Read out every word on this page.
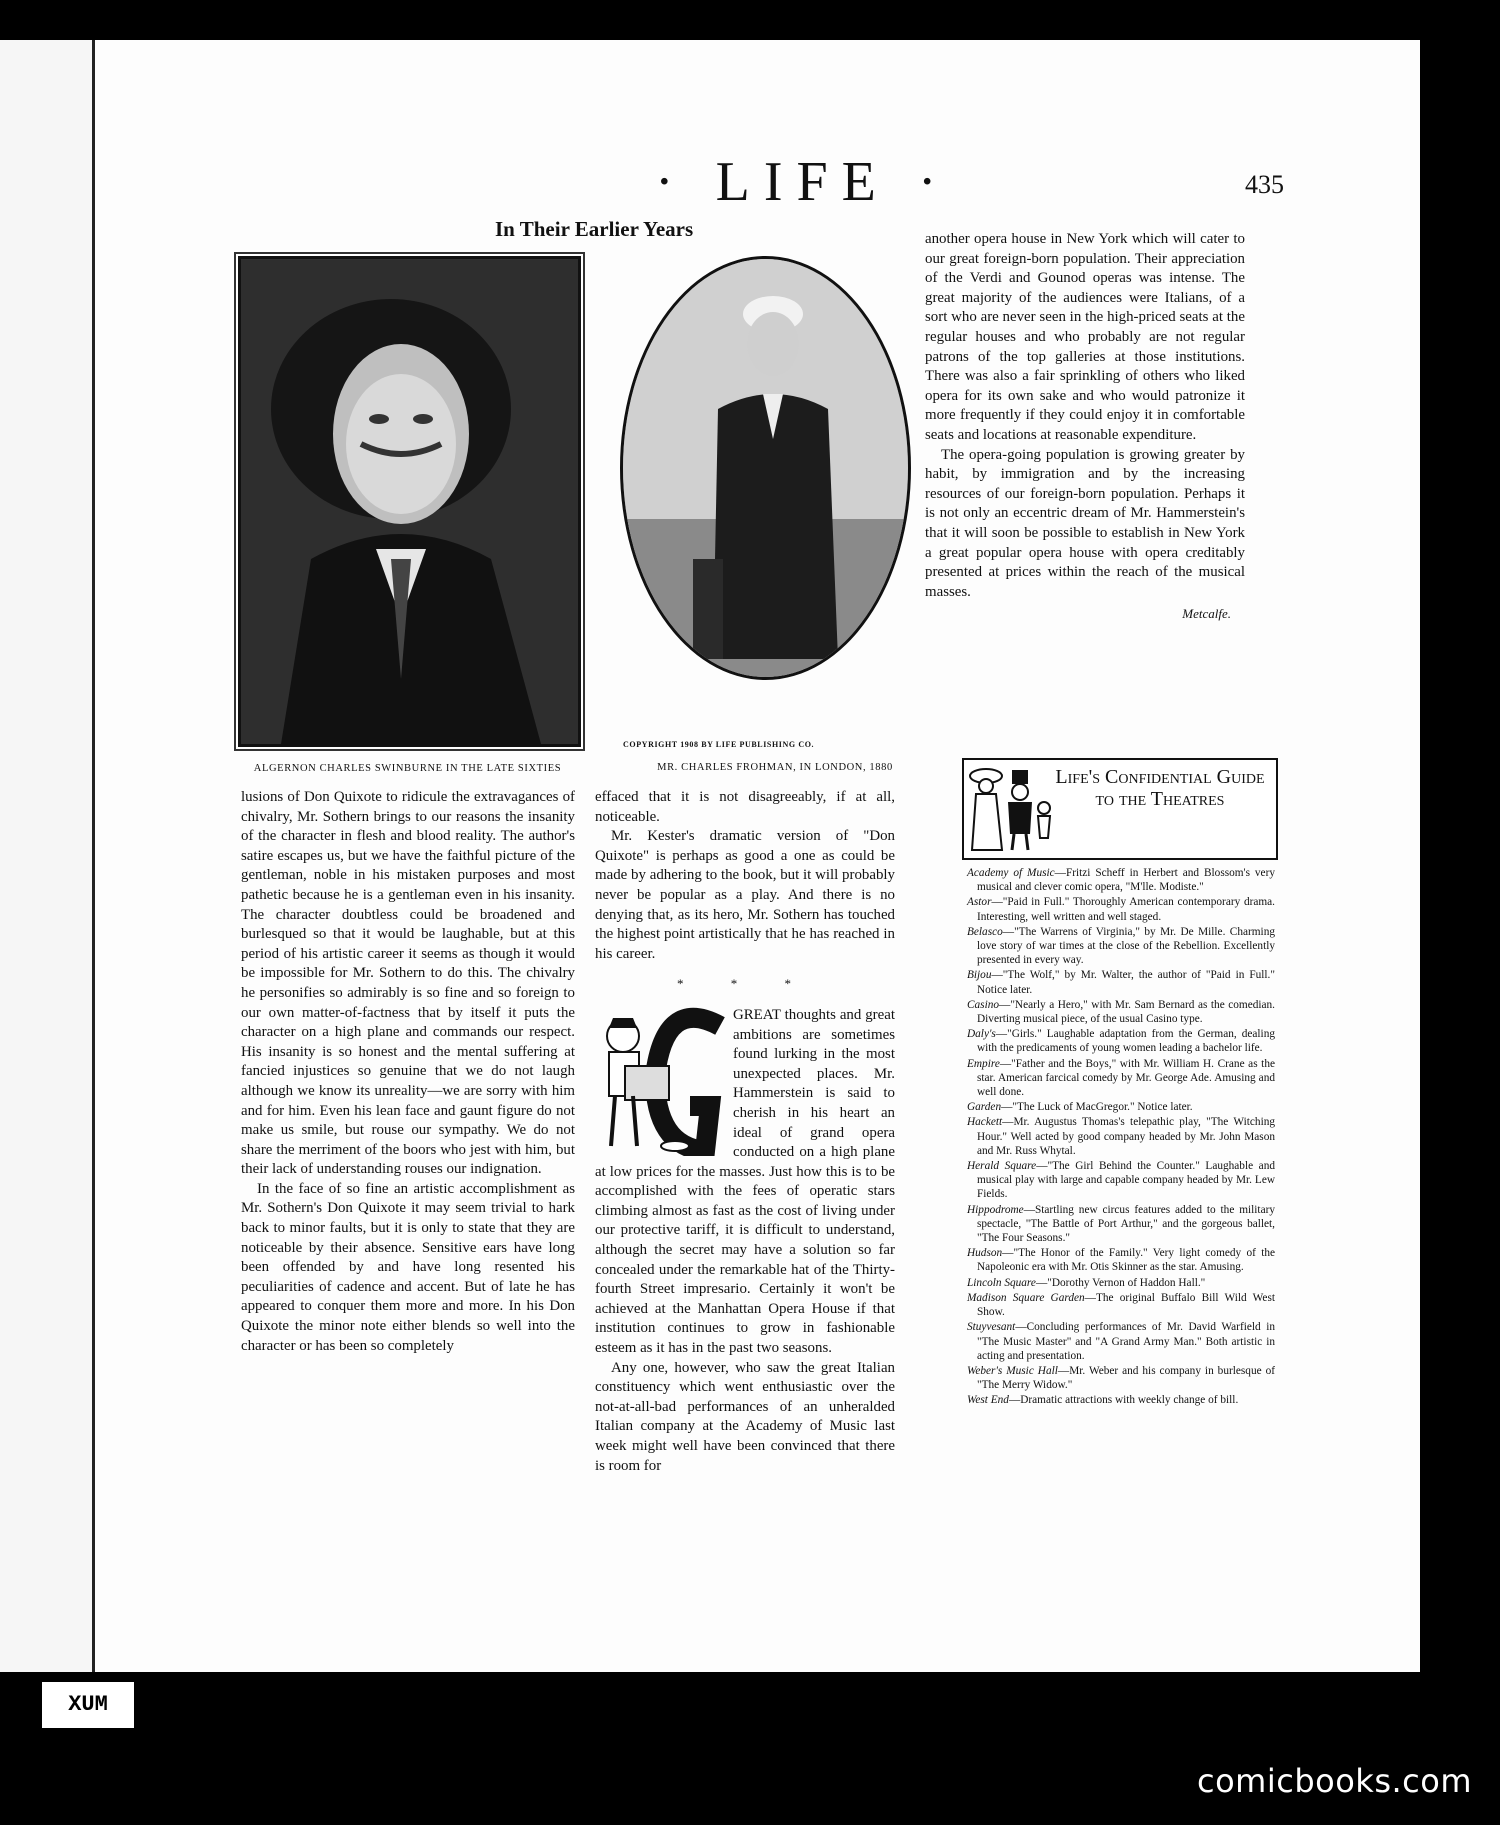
· LIFE ·	435
In Their Earlier Years
ALGERNON CHARLES SWINBURNE IN THE LATE SIXTIES
COPYRIGHT 1908 BY LIFE PUBLISHING CO.
MR. CHARLES FROHMAN, IN LONDON, 1880

lusions of Don Quixote to ridicule the extravagances of chivalry, Mr. Sothern brings to our reasons the insanity of the character in flesh and blood reality. The author's satire escapes us, but we have the faithful picture of the gentleman, noble in his mistaken purposes and most pathetic because he is a gentleman even in his insanity. The character doubtless could be broadened and burlesqued so that it would be laughable, but at this period of his artistic career it seems as though it would be impossible for Mr. Sothern to do this. The chivalry he personifies so admirably is so fine and so foreign to our own matter-of-factness that by itself it puts the character on a high plane and commands our respect. His insanity is so honest and the mental suffering at fancied injustices so genuine that we do not laugh although we know its unreality—we are sorry with him and for him. Even his lean face and gaunt figure do not make us smile, but rouse our sympathy. We do not share the merriment of the boors who jest with him, but their lack of understanding rouses our indignation.

In the face of so fine an artistic accomplishment as Mr. Sothern's Don Quixote it may seem trivial to hark back to minor faults, but it is only to state that they are noticeable by their absence. Sensitive ears have long been offended by and have long resented his peculiarities of cadence and accent. But of late he has appeared to conquer them more and more. In his Don Quixote the minor note either blends so well into the character or has been so completely

effaced that it is not disagreeably, if at all, noticeable.

Mr. Kester's dramatic version of "Don Quixote" is perhaps as good a one as could be made by adhering to the book, but it will probably never be popular as a play. And there is no denying that, as its hero, Mr. Sothern has touched the highest point artistically that he has reached in his career.

* * *

GREAT thoughts and great ambitions are sometimes found lurking in the most unexpected places. Mr. Hammerstein is said to cherish in his heart an ideal of grand opera conducted on a high plane at low prices for the masses. Just how this is to be accomplished with the fees of operatic stars climbing almost as fast as the cost of living under our protective tariff, it is difficult to understand, although the secret may have a solution so far concealed under the remarkable hat of the Thirty-fourth Street impresario. Certainly it won't be achieved at the Manhattan Opera House if that institution continues to grow in fashionable esteem as it has in the past two seasons.

Any one, however, who saw the great Italian constituency which went enthusiastic over the not-at-all-bad performances of an unheralded Italian company at the Academy of Music last week might well have been convinced that there is room for

another opera house in New York which will cater to our great foreign-born population. Their appreciation of the Verdi and Gounod operas was intense. The great majority of the audiences were Italians, of a sort who are never seen in the high-priced seats at the regular houses and who probably are not regular patrons of the top galleries at those institutions. There was also a fair sprinkling of others who liked opera for its own sake and who would patronize it more frequently if they could enjoy it in comfortable seats and locations at reasonable expenditure.

The opera-going population is growing greater by habit, by immigration and by the increasing resources of our foreign-born population. Perhaps it is not only an eccentric dream of Mr. Hammerstein's that it will soon be possible to establish in New York a great popular opera house with opera creditably presented at prices within the reach of the musical masses.

Metcalfe.
Life's Confidential Guide to the Theatres

Academy of Music—Fritzi Scheff in Herbert and Blossom's very musical and clever comic opera, "M'lle. Modiste."

Astor—"Paid in Full." Thoroughly American contemporary drama. Interesting, well written and well staged.

Belasco—"The Warrens of Virginia," by Mr. De Mille. Charming love story of war times at the close of the Rebellion. Excellently presented in every way.

Bijou—"The Wolf," by Mr. Walter, the author of "Paid in Full." Notice later.

Casino—"Nearly a Hero," with Mr. Sam Bernard as the comedian. Diverting musical piece, of the usual Casino type.

Daly's—"Girls." Laughable adaptation from the German, dealing with the predicaments of young women leading a bachelor life.

Empire—"Father and the Boys," with Mr. William H. Crane as the star. American farcical comedy by Mr. George Ade. Amusing and well done.

Garden—"The Luck of MacGregor." Notice later.

Hackett—Mr. Augustus Thomas's telepathic play, "The Witching Hour." Well acted by good company headed by Mr. John Mason and Mr. Russ Whytal.

Herald Square—"The Girl Behind the Counter." Laughable and musical play with large and capable company headed by Mr. Lew Fields.

Hippodrome—Startling new circus features added to the military spectacle, "The Battle of Port Arthur," and the gorgeous ballet, "The Four Seasons."

Hudson—"The Honor of the Family." Very light comedy of the Napoleonic era with Mr. Otis Skinner as the star. Amusing.

Lincoln Square—"Dorothy Vernon of Haddon Hall."

Madison Square Garden—The original Buffalo Bill Wild West Show.

Stuyvesant—Concluding performances of Mr. David Warfield in "The Music Master" and "A Grand Army Man." Both artistic in acting and presentation.

Weber's Music Hall—Mr. Weber and his company in burlesque of "The Merry Widow."

West End—Dramatic attractions with weekly change of bill.

XUM
comicbooks.com
